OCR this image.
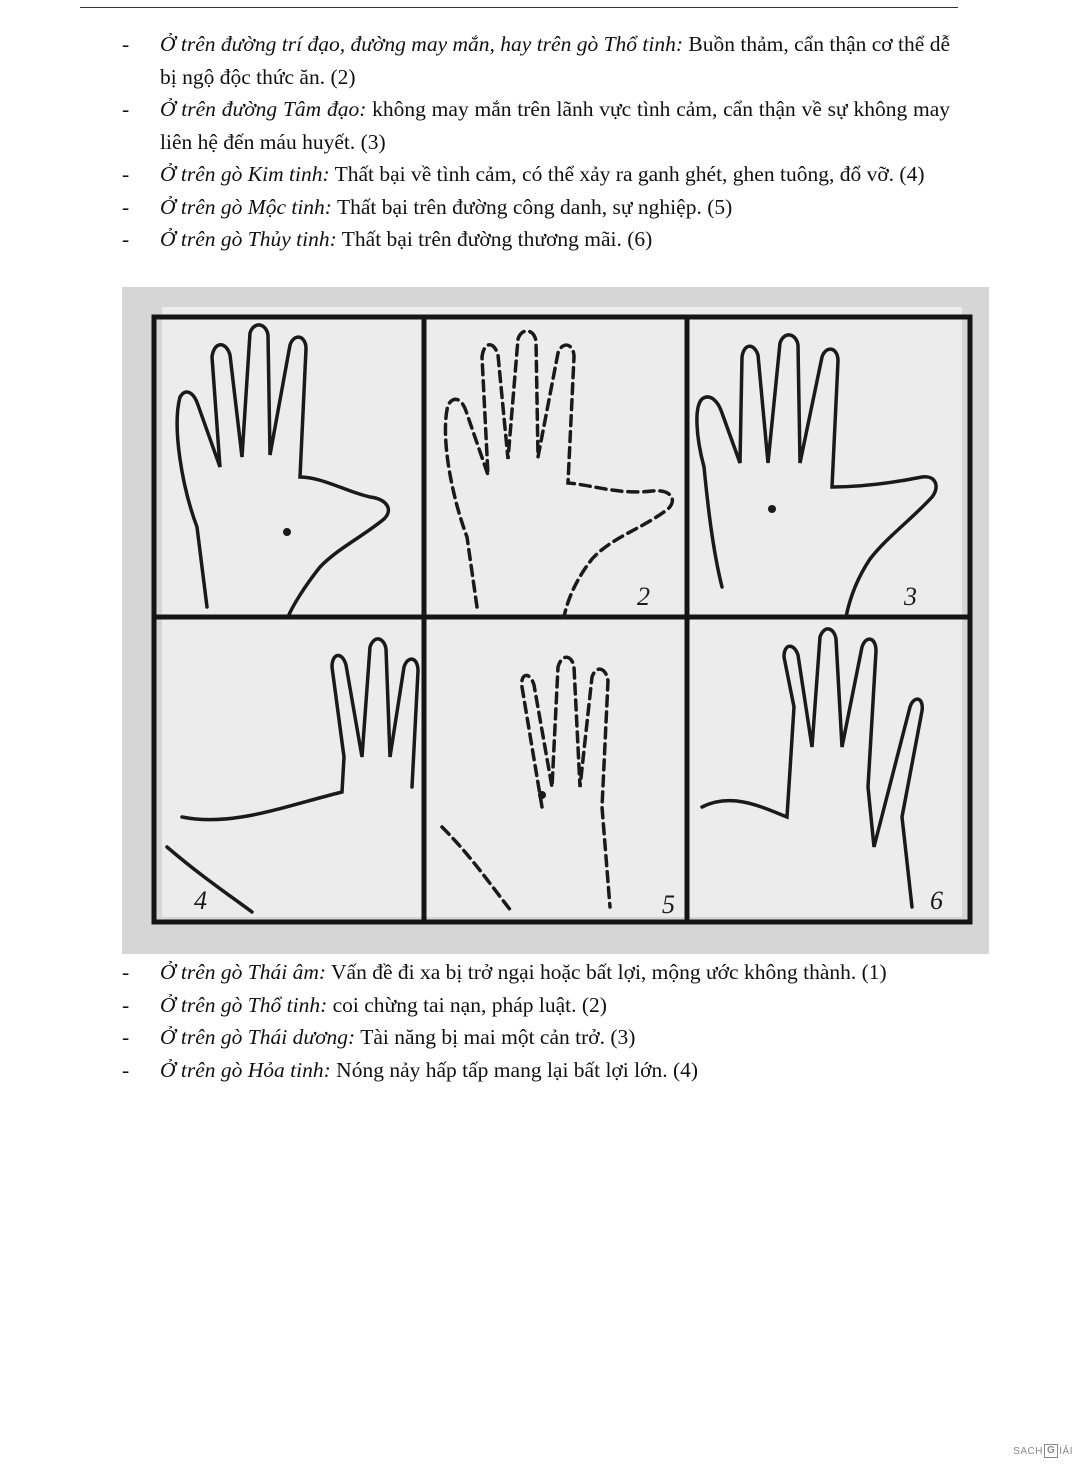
- Ở trên đường trí đạo, đường may mắn, hay trên gò Thổ tinh: Buồn thảm, cẩn thận cơ thể dễ bị ngộ độc thức ăn. (2)
- Ở trên đường Tâm đạo: không may mắn trên lãnh vực tình cảm, cẩn thận về sự không may liên hệ đến máu huyết. (3)
- Ở trên gò Kim tinh: Thất bại về tình cảm, có thể xảy ra ganh ghét, ghen tuông, đổ vỡ. (4)
- Ở trên gò Mộc tinh: Thất bại trên đường công danh, sự nghiệp. (5)
- Ở trên gò Thủy tinh: Thất bại trên đường thương mãi. (6)
2	3
4	5	6
- Ở trên gò Thái âm: Vấn đề đi xa bị trở ngại hoặc bất lợi, mộng ước không thành. (1)
- Ở trên gò Thổ tinh: coi chừng tai nạn, pháp luật. (2)
- Ở trên gò Thái dương: Tài năng bị mai một cản trở. (3)
- Ở trên gò Hỏa tinh: Nóng nảy hấp tấp mang lại bất lợi lớn. (4)
SACH G IẢI
